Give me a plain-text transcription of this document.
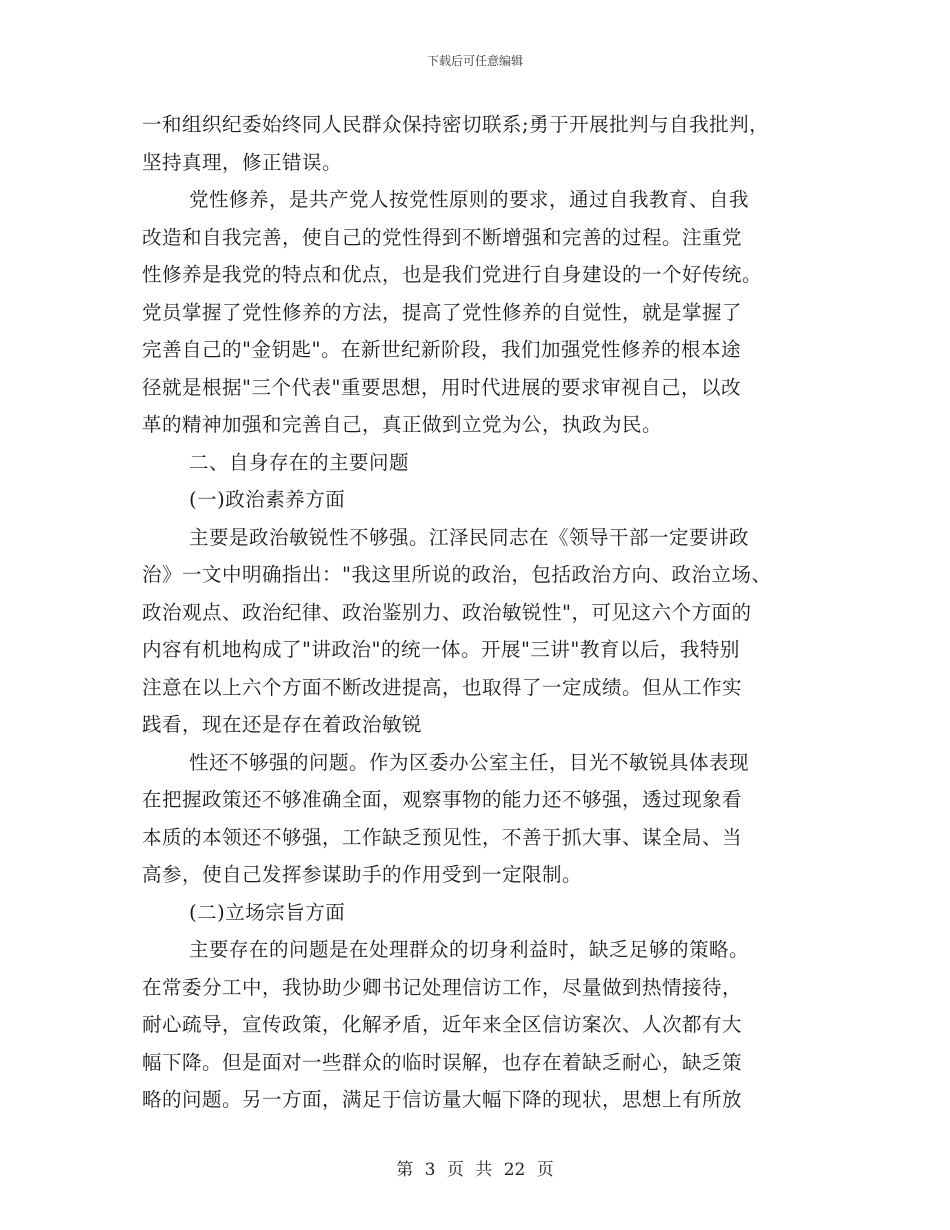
下载后可任意编辑
一和组织纪委始终同人民群众保持密切联系;勇于开展批判与自我批判，
坚持真理，修正错误。
党性修养，是共产党人按党性原则的要求，通过自我教育、自我
改造和自我完善，使自己的党性得到不断增强和完善的过程。注重党
性修养是我党的特点和优点，也是我们党进行自身建设的一个好传统。
党员掌握了党性修养的方法，提高了党性修养的自觉性，就是掌握了
完善自己的"金钥匙"。在新世纪新阶段，我们加强党性修养的根本途
径就是根据"三个代表"重要思想，用时代进展的要求审视自己，以改
革的精神加强和完善自己，真正做到立党为公，执政为民。
二、自身存在的主要问题
(一)政治素养方面
主要是政治敏锐性不够强。江泽民同志在《领导干部一定要讲政
治》一文中明确指出："我这里所说的政治，包括政治方向、政治立场、
政治观点、政治纪律、政治鉴别力、政治敏锐性"，可见这六个方面的
内容有机地构成了"讲政治"的统一体。开展"三讲"教育以后，我特别
注意在以上六个方面不断改进提高，也取得了一定成绩。但从工作实
践看，现在还是存在着政治敏锐
性还不够强的问题。作为区委办公室主任，目光不敏锐具体表现
在把握政策还不够准确全面，观察事物的能力还不够强，透过现象看
本质的本领还不够强，工作缺乏预见性，不善于抓大事、谋全局、当
高参，使自己发挥参谋助手的作用受到一定限制。
(二)立场宗旨方面
主要存在的问题是在处理群众的切身利益时，缺乏足够的策略。
在常委分工中，我协助少卿书记处理信访工作，尽量做到热情接待，
耐心疏导，宣传政策，化解矛盾，近年来全区信访案次、人次都有大
幅下降。但是面对一些群众的临时误解，也存在着缺乏耐心，缺乏策
略的问题。另一方面，满足于信访量大幅下降的现状，思想上有所放
第 3 页 共 22 页
